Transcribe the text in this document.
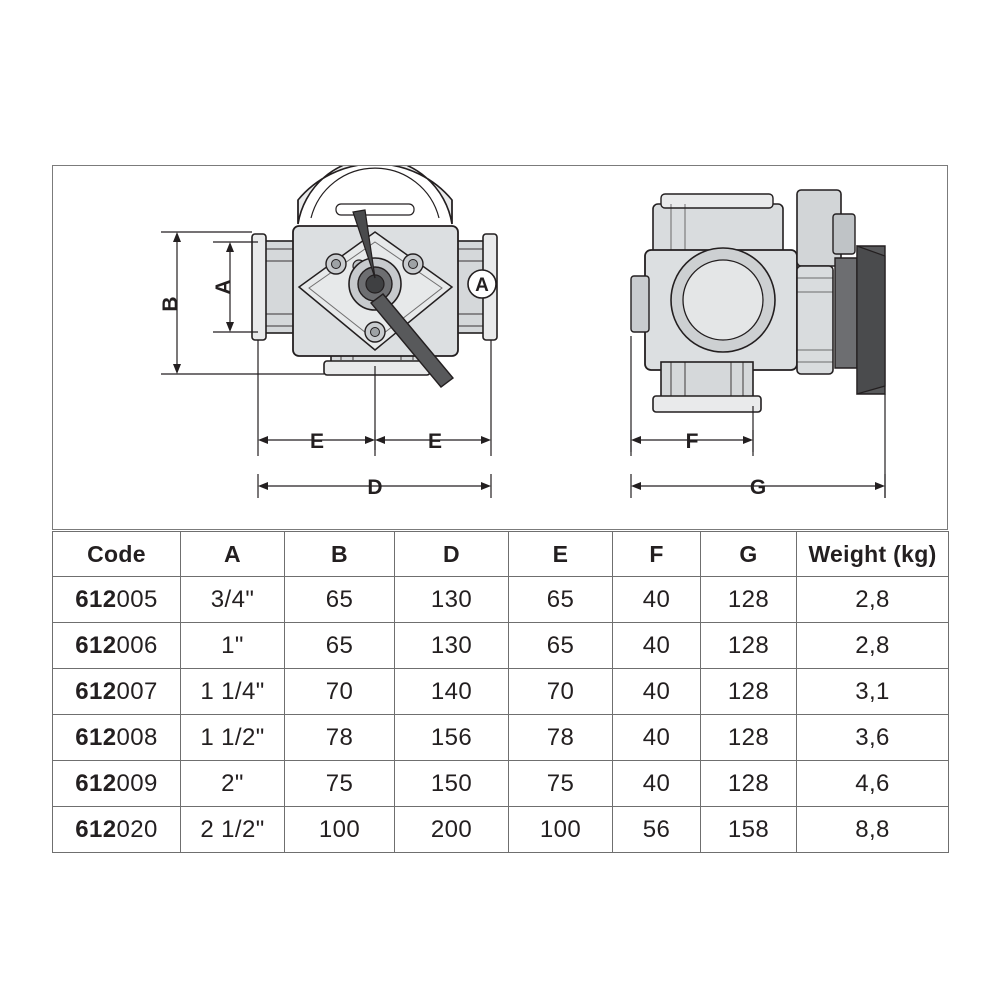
A
B
A
E	E
D
F
G
Code	A	B	D	E	F	G	Weight (kg)
612005	3/4"	65	130	65	40	128	2,8
612006	1"	65	130	65	40	128	2,8
612007	1 1/4"	70	140	70	40	128	3,1
612008	1 1/2"	78	156	78	40	128	3,6
612009	2"	75	150	75	40	128	4,6
612020	2 1/2"	100	200	100	56	158	8,8
